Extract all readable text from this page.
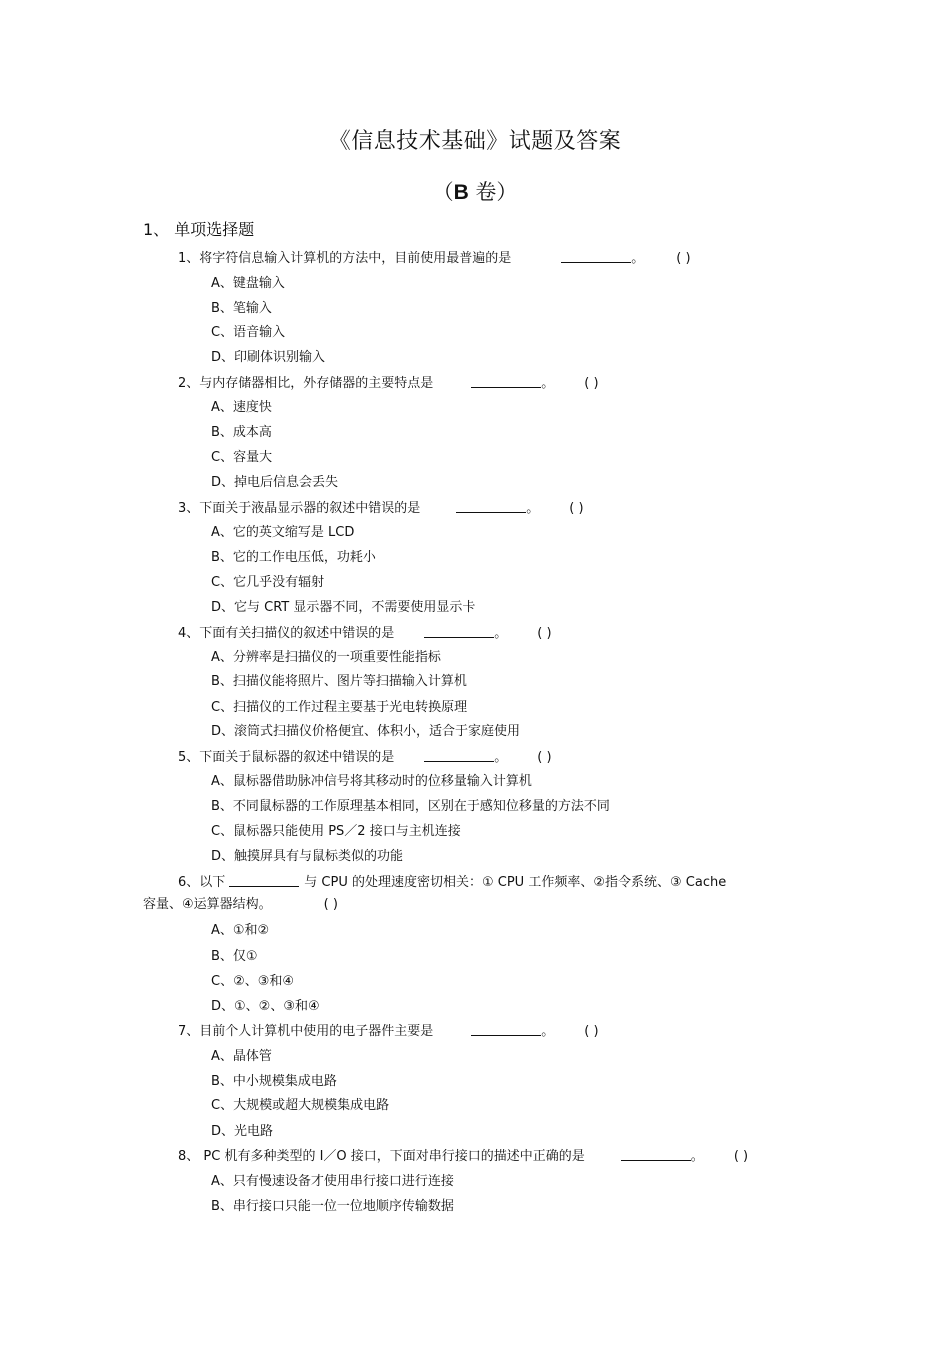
《信息技术基础》试题及答案
（B 卷）
1、 单项选择题
1、将字符信息输入计算机的方法中，目前使用最普遍的是	。 ( )
A、键盘输入
B、笔输入
C、语音输入
D、印刷体识别输入
2、与内存储器相比，外存储器的主要特点是	。 ( )
A、速度快
B、成本高
C、容量大
D、掉电后信息会丢失
3、下面关于液晶显示器的叙述中错误的是	。 ( )
A、它的英文缩写是 LCD
B、它的工作电压低，功耗小
C、它几乎没有辐射
D、它与 CRT 显示器不同，不需要使用显示卡
4、下面有关扫描仪的叙述中错误的是	。 ( )
A、分辨率是扫描仪的一项重要性能指标
B、扫描仪能将照片、图片等扫描输入计算机
C、扫描仪的工作过程主要基于光电转换原理
D、滚筒式扫描仪价格便宜、体积小，适合于家庭使用
5、下面关于鼠标器的叙述中错误的是	。 ( )
A、鼠标器借助脉冲信号将其移动时的位移量输入计算机
B、不同鼠标器的工作原理基本相同，区别在于感知位移量的方法不同
C、鼠标器只能使用 PS／2 接口与主机连接
D、触摸屏具有与鼠标类似的功能
6、以下	与 CPU 的处理速度密切相关：① CPU 工作频率、②指令系统、③ Cache
容量、④运算器结构。	( )
A、①和②
B、仅①
C、②、③和④
D、①、②、③和④
7、目前个人计算机中使用的电子器件主要是	。 ( )
A、晶体管
B、中小规模集成电路
C、大规模或超大规模集成电路
D、光电路
8、 PC 机有多种类型的 I／O 接口，下面对串行接口的描述中正确的是	。 ( )
A、只有慢速设备才使用串行接口进行连接
B、串行接口只能一位一位地顺序传输数据
